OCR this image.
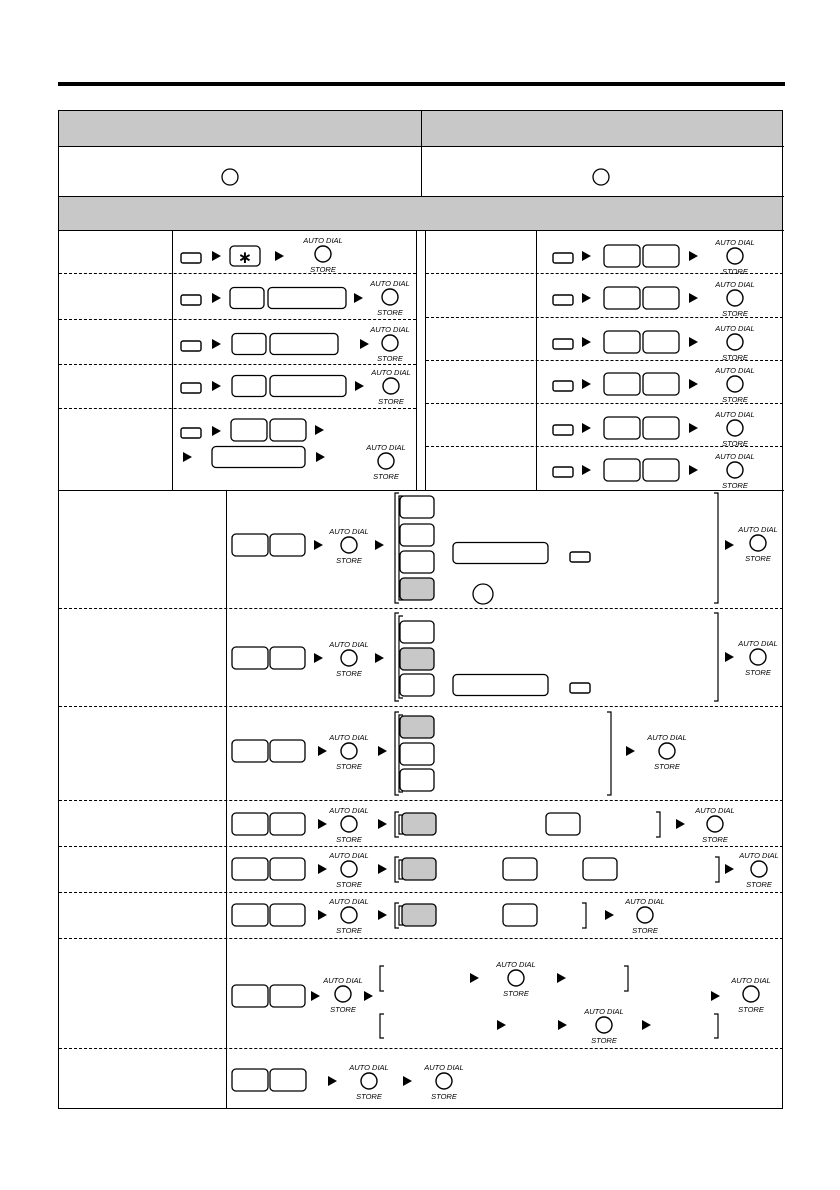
∗
AUTO DIAL
STORE
AUTO DIAL
STORE
AUTO DIAL
STORE
AUTO DIAL
STORE
AUTO DIAL
STORE
AUTO DIAL
STORE
AUTO DIAL
STORE
AUTO DIAL
STORE
AUTO DIAL
STORE
AUTO DIAL
STORE
AUTO DIAL
STORE
AUTO DIAL
STORE
AUTO DIAL
STORE
AUTO DIAL
STORE
AUTO DIAL
STORE
AUTO DIAL
STORE
AUTO DIAL
STORE
AUTO DIAL
STORE
AUTO DIAL
STORE
AUTO DIAL
STORE
AUTO DIAL
STORE
AUTO DIAL
STORE
AUTO DIAL
STORE
AUTO DIAL
STORE
AUTO DIAL
STORE
AUTO DIAL
STORE
AUTO DIAL
STORE
AUTO DIAL
STORE
AUTO DIAL
STORE
